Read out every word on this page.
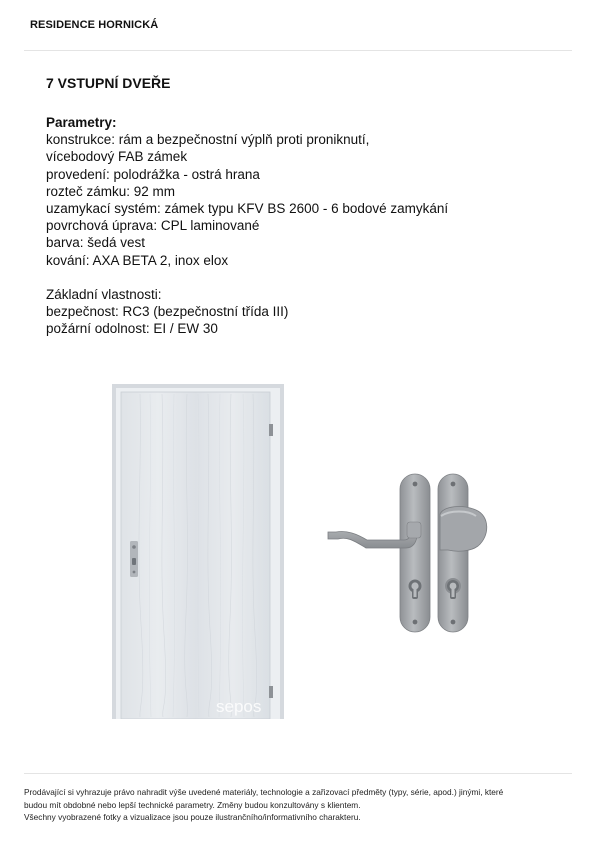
RESIDENCE HORNICKÁ
7 VSTUPNÍ DVEŘE
Parametry:
konstrukce: rám a bezpečnostní výplň proti proniknutí,
vícebodový FAB zámek
provedení: polodrážka - ostrá hrana
rozteč zámku: 92 mm
uzamykací systém: zámek typu KFV BS 2600 - 6 bodové zamykání
povrchová úprava: CPL laminované
barva: šedá vest
kování: AXA BETA 2, inox elox
Základní vlastnosti:
bezpečnost: RC3 (bezpečnostní třída III)
požární odolnost: EI / EW 30
sepos
Prodávající si vyhrazuje právo nahradit výše uvedené materiály, technologie a zařizovací předměty (typy, série, apod.) jinými, které
budou mít obdobné nebo lepší technické parametry. Změny budou konzultovány s klientem.
Všechny vyobrazené fotky a vizualizace jsou pouze ilustrančního/informativního charakteru.
